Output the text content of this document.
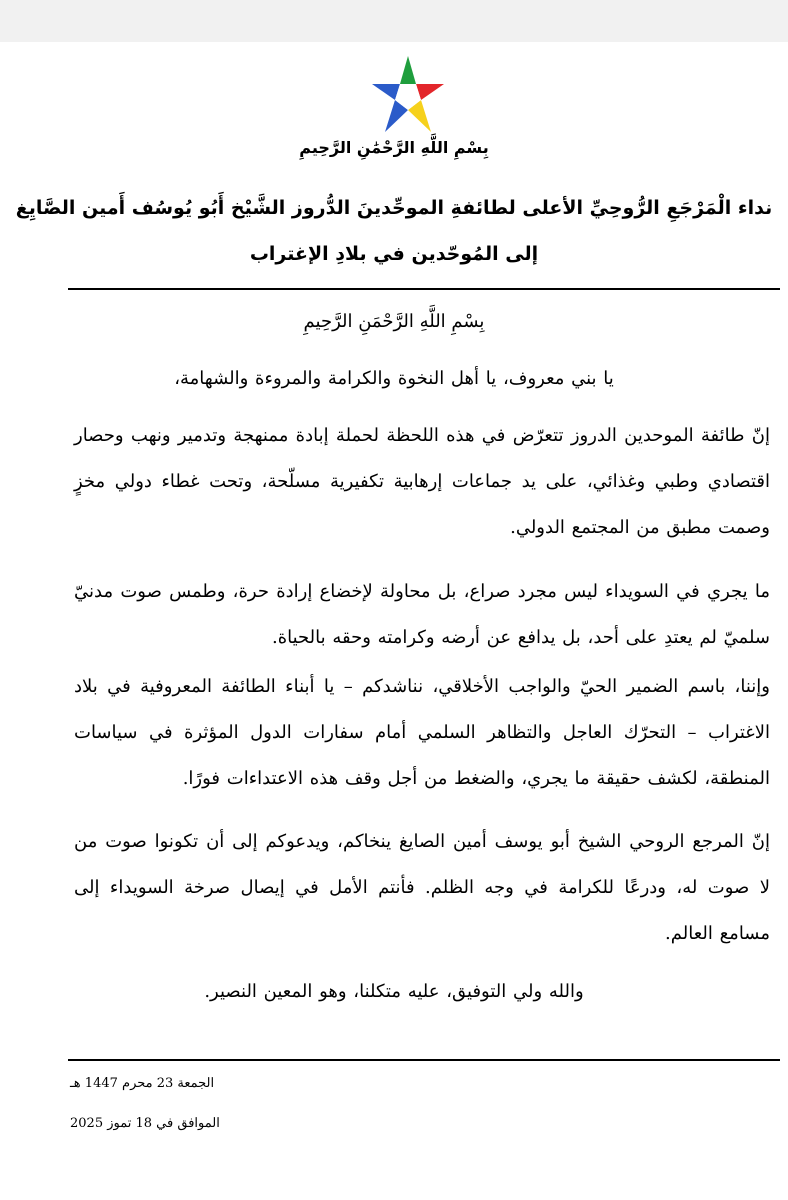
بِسْمِ اللَّهِ الرَّحْمَٰنِ الرَّحِيمِ
نداء الْمَرْجَعِ الرُّوحِيِّ الأعلى لطائفةِ الموحِّدينَ الدُّروز الشَّيْخ أَبُو يُوسُف أَمين الصَّايِغ
إلى المُوحّدين في بلادِ الإغتراب
بِسْمِ اللَّهِ الرَّحْمَنِ الرَّحِيمِ
يا بني معروف، يا أهل النخوة والكرامة والمروءة والشهامة،
إنّ طائفة الموحدين الدروز تتعرّض في هذه اللحظة لحملة إبادة ممنهجة وتدمير ونهب وحصار اقتصادي وطبي وغذائي، على يد جماعات إرهابية تكفيرية مسلّحة، وتحت غطاء دولي مخزٍ وصمت مطبق من المجتمع الدولي.
ما يجري في السويداء ليس مجرد صراع، بل محاولة لإخضاع إرادة حرة، وطمس صوت مدنيّ سلميّ لم يعتدِ على أحد، بل يدافع عن أرضه وكرامته وحقه بالحياة.
وإننا، باسم الضمير الحيّ والواجب الأخلاقي، نناشدكم – يا أبناء الطائفة المعروفية في بلاد الاغتراب – التحرّك العاجل والتظاهر السلمي أمام سفارات الدول المؤثرة في سياسات المنطقة، لكشف حقيقة ما يجري، والضغط من أجل وقف هذه الاعتداءات فورًا.
إنّ المرجع الروحي الشيخ أبو يوسف أمين الصايغ ينخاكم، ويدعوكم إلى أن تكونوا صوت من لا صوت له، ودرعًا للكرامة في وجه الظلم. فأنتم الأمل في إيصال صرخة السويداء إلى مسامع العالم.
والله ولي التوفيق، عليه متكلنا، وهو المعين النصير.
الجمعة 23 محرم 1447 هـ
الموافق في 18 تموز 2025
